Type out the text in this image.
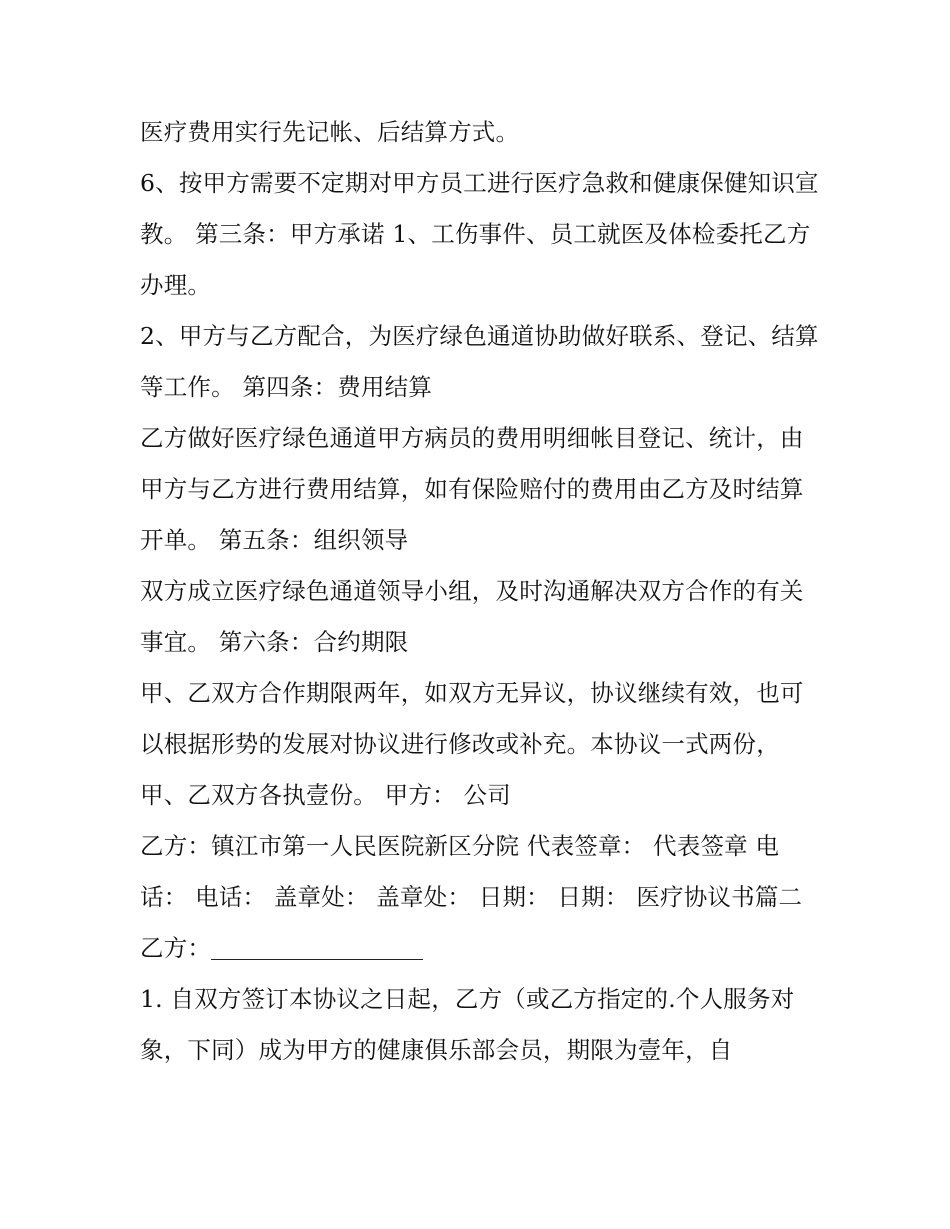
医疗费用实行先记帐、后结算方式。

6、按甲方需要不定期对甲方员工进行医疗急救和健康保健知识宣教。 第三条：甲方承诺 1、工伤事件、员工就医及体检委托乙方办理。

2、甲方与乙方配合，为医疗绿色通道协助做好联系、登记、结算等工作。 第四条：费用结算

乙方做好医疗绿色通道甲方病员的费用明细帐目登记、统计，由甲方与乙方进行费用结算，如有保险赔付的费用由乙方及时结算开单。 第五条：组织领导

双方成立医疗绿色通道领导小组，及时沟通解决双方合作的有关事宜。 第六条：合约期限

甲、乙双方合作期限两年，如双方无异议，协议继续有效，也可以根据形势的发展对协议进行修改或补充。本协议一式两份，甲、乙双方各执壹份。 甲方： 公司

乙方：镇江市第一人民医院新区分院 代表签章： 代表签章 电话： 电话： 盖章处： 盖章处： 日期： 日期： 医疗协议书篇二

乙方：

1. 自双方签订本协议之日起，乙方（或乙方指定的.个人服务对象，下同）成为甲方的健康俱乐部会员，期限为壹年，自
